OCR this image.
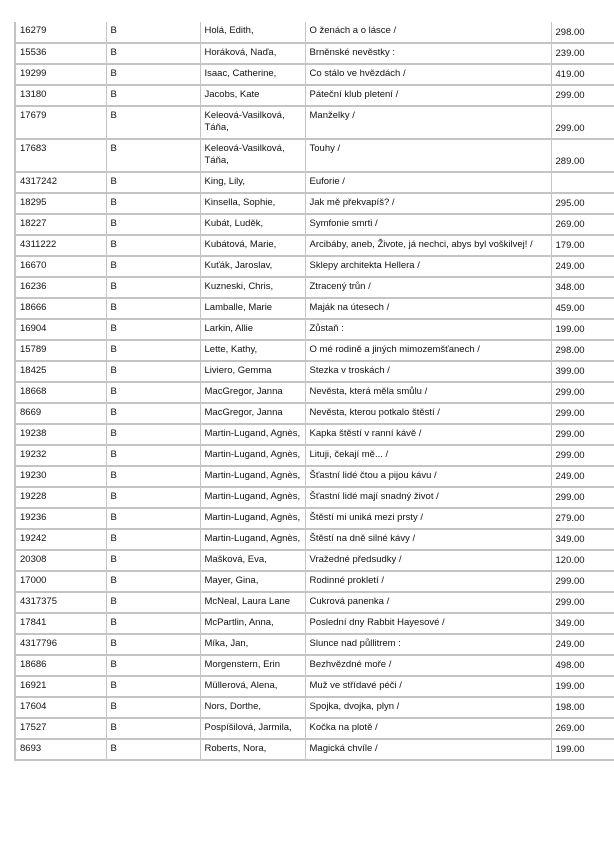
16279	B	Holá, Edith,	O ženách a o lásce /	298.00
15536	B	Horáková, Naďa,	Brněnské nevěstky :	239.00
19299	B	Isaac, Catherine,	Co stálo ve hvězdách /	419.00
13180	B	Jacobs, Kate	Páteční klub pletení /	299.00
17679	B	Keleová-Vasilková, Táňa,	Manželky /	299.00
17683	B	Keleová-Vasilková, Táňa,	Touhy /	289.00
4317242	B	King, Lily,	Euforie /	
18295	B	Kinsella, Sophie,	Jak mě překvapíš? /	295.00
18227	B	Kubát, Luděk,	Symfonie smrti /	269.00
4311222	B	Kubátová, Marie,	Arcibáby, aneb, Živote, já nechci, abys byl voškilvej! /	179.00
16670	B	Kuťák, Jaroslav,	Sklepy architekta Hellera /	249.00
16236	B	Kuzneski, Chris,	Ztracený trůn /	348.00
18666	B	Lamballe, Marie	Maják na útesech /	459.00
16904	B	Larkin, Allie	Zůstaň :	199.00
15789	B	Lette, Kathy,	O mé rodině a jiných mimozemšťanech /	298.00
18425	B	Liviero, Gemma	Stezka v troskách /	399.00
18668	B	MacGregor, Janna	Nevěsta, která měla smůlu /	299.00
8669	B	MacGregor, Janna	Nevěsta, kterou potkalo štěstí /	299.00
19238	B	Martin-Lugand, Agnès,	Kapka štěstí v ranní kávě /	299.00
19232	B	Martin-Lugand, Agnès,	Lituji, čekají mě... /	299.00
19230	B	Martin-Lugand, Agnès,	Šťastní lidé čtou a pijou kávu /	249.00
19228	B	Martin-Lugand, Agnès,	Šťastní lidé mají snadný život /	299.00
19236	B	Martin-Lugand, Agnès,	Štěstí mi uniká mezi prsty /	279.00
19242	B	Martin-Lugand, Agnès,	Štěstí na dně silné kávy /	349.00
20308	B	Mašková, Eva,	Vražedné předsudky /	120.00
17000	B	Mayer, Gina,	Rodinné prokletí /	299.00
4317375	B	McNeal, Laura Lane	Cukrová panenka /	299.00
17841	B	McPartlin, Anna,	Poslední dny Rabbit Hayesové /	349.00
4317796	B	Míka, Jan,	Slunce nad půllitrem :	249.00
18686	B	Morgenstern, Erin	Bezhvězdné moře /	498.00
16921	B	Müllerová, Alena,	Muž ve střídavé péči /	199.00
17604	B	Nors, Dorthe,	Spojka, dvojka, plyn /	198.00
17527	B	Pospíšilová, Jarmila,	Kočka na plotě /	269.00
8693	B	Roberts, Nora,	Magická chvíle /	199.00
